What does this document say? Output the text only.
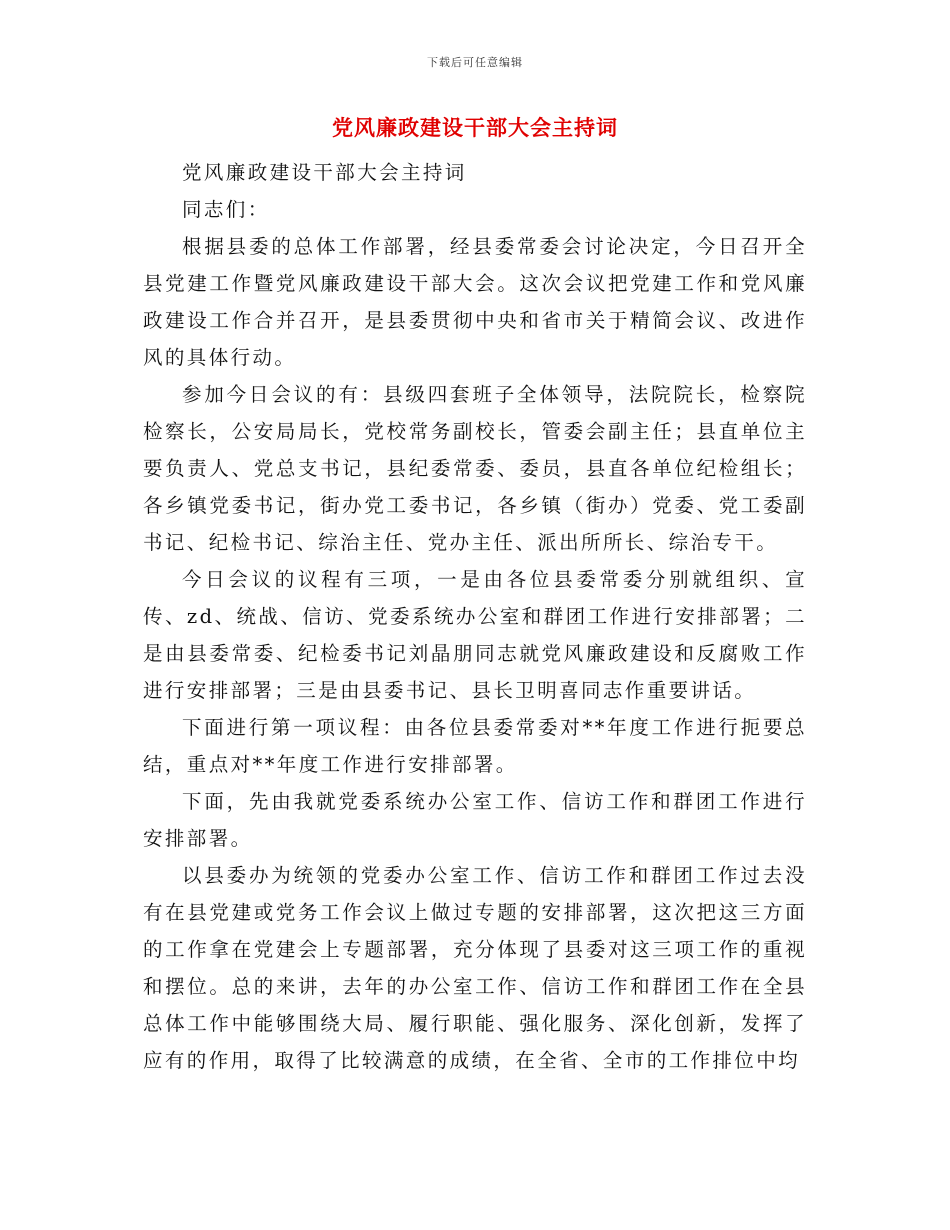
下载后可任意编辑
党风廉政建设干部大会主持词

党风廉政建设干部大会主持词

同志们：

根据县委的总体工作部署，经县委常委会讨论决定，今日召开全县党建工作暨党风廉政建设干部大会。这次会议把党建工作和党风廉政建设工作合并召开，是县委贯彻中央和省市关于精简会议、改进作风的具体行动。

参加今日会议的有：县级四套班子全体领导，法院院长，检察院检察长，公安局局长，党校常务副校长，管委会副主任；县直单位主要负责人、党总支书记，县纪委常委、委员，县直各单位纪检组长；各乡镇党委书记，街办党工委书记，各乡镇（街办）党委、党工委副书记、纪检书记、综治主任、党办主任、派出所所长、综治专干。

今日会议的议程有三项，一是由各位县委常委分别就组织、宣传、zd、统战、信访、党委系统办公室和群团工作进行安排部署；二是由县委常委、纪检委书记刘晶朋同志就党风廉政建设和反腐败工作进行安排部署；三是由县委书记、县长卫明喜同志作重要讲话。

下面进行第一项议程：由各位县委常委对**年度工作进行扼要总结，重点对**年度工作进行安排部署。

下面，先由我就党委系统办公室工作、信访工作和群团工作进行安排部署。

以县委办为统领的党委办公室工作、信访工作和群团工作过去没有在县党建或党务工作会议上做过专题的安排部署，这次把这三方面的工作拿在党建会上专题部署，充分体现了县委对这三项工作的重视和摆位。总的来讲，去年的办公室工作、信访工作和群团工作在全县总体工作中能够围绕大局、履行职能、强化服务、深化创新，发挥了应有的作用，取得了比较满意的成绩，在全省、全市的工作排位中均
